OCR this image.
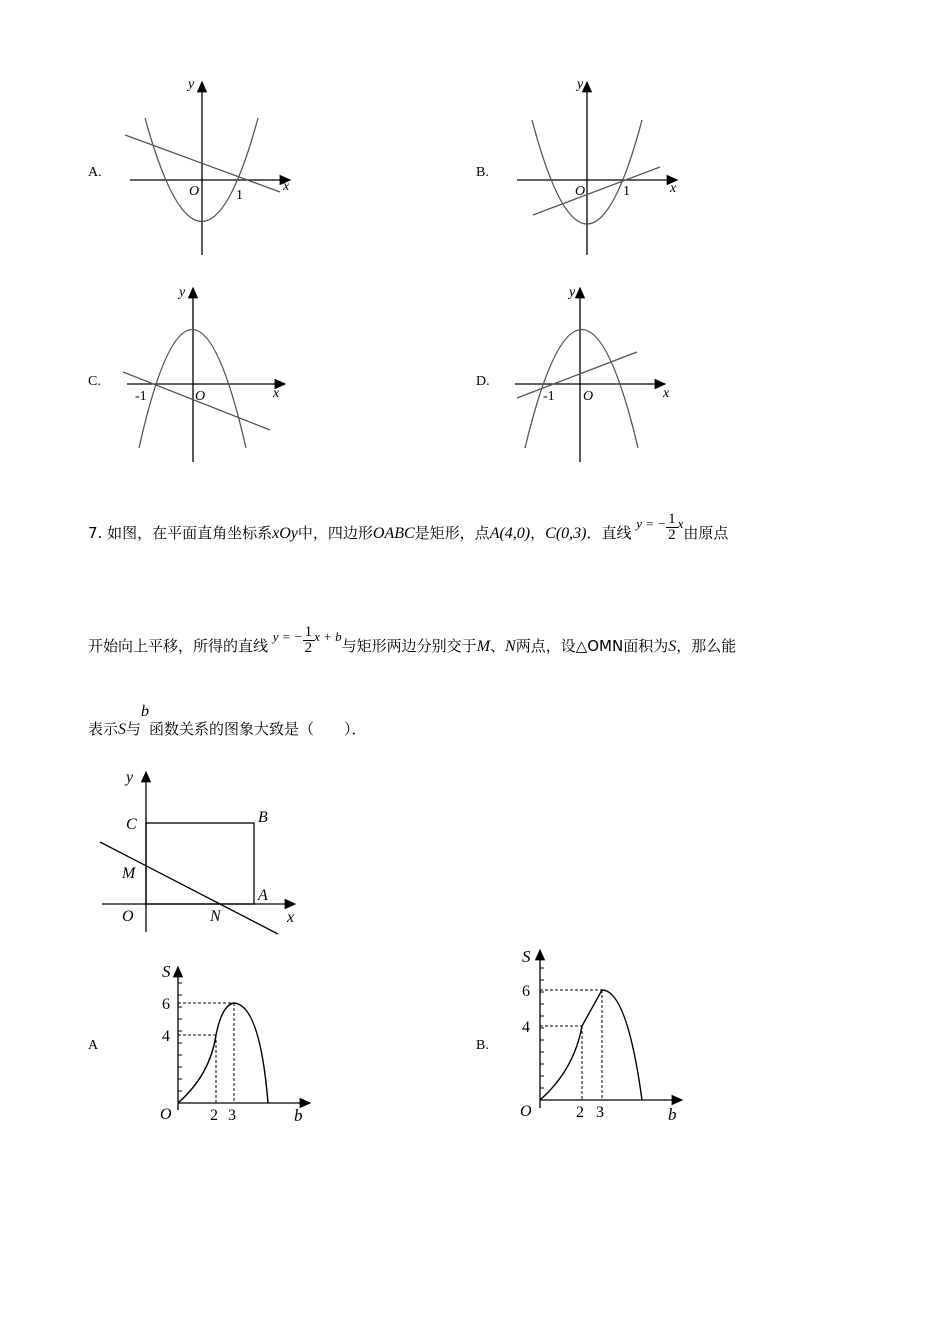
A.
O	1
x
y
B.
O	1	x
y
C.
-1	O	x
y
D.
-1 O	x
y
7. 如图，在平面直角坐标系xOy中，四边形OABC是矩形，点A(4,0)，C(0,3)．直线 y = − $\frac{1}{2}$ x由原点
开始向上平移，所得的直线 y = − $\frac{1}{2}$ x + b与矩形两边分别交于M、N两点，设△OMN面积为S，那么能
表示S与b函数关系的图象大致是（　　）．
y
C	B
M
A
O	N	x
A
S
6
4
O 2 3	b
B.
S
6
4
O	2 3	b
